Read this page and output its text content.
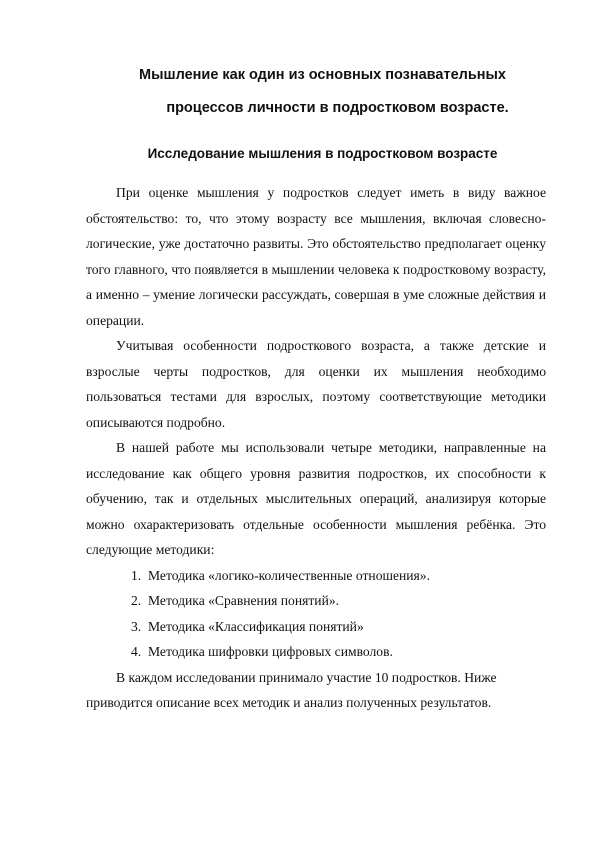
Мышление как один из основных познавательных
процессов личности в подростковом возрасте.
Исследование мышления в подростковом возрасте

При оценке мышления у подростков следует иметь в виду важное обстоятельство: то, что этому возрасту все мышления, включая словесно-логические, уже достаточно развиты. Это обстоятельство предполагает оценку того главного, что появляется в мышлении человека к подростковому возрасту, а именно – умение логически рассуждать, совершая в уме сложные действия и операции.

Учитывая особенности подросткового возраста, а также детские и взрослые черты подростков, для оценки их мышления необходимо пользоваться тестами для взрослых, поэтому соответствующие методики описываются подробно.

В нашей работе мы использовали четыре методики, направленные на исследование как общего уровня развития подростков, их способности к обучению, так и отдельных мыслительных операций, анализируя которые можно охарактеризовать отдельные особенности мышления ребёнка. Это следующие методики:

1. Методика «логико-количественные отношения».
2. Методика «Сравнения понятий».
3. Методика «Классификация понятий»
4. Методика шифровки цифровых символов.

В каждом исследовании принимало участие 10 подростков. Ниже приводится описание всех методик и анализ полученных результатов.
